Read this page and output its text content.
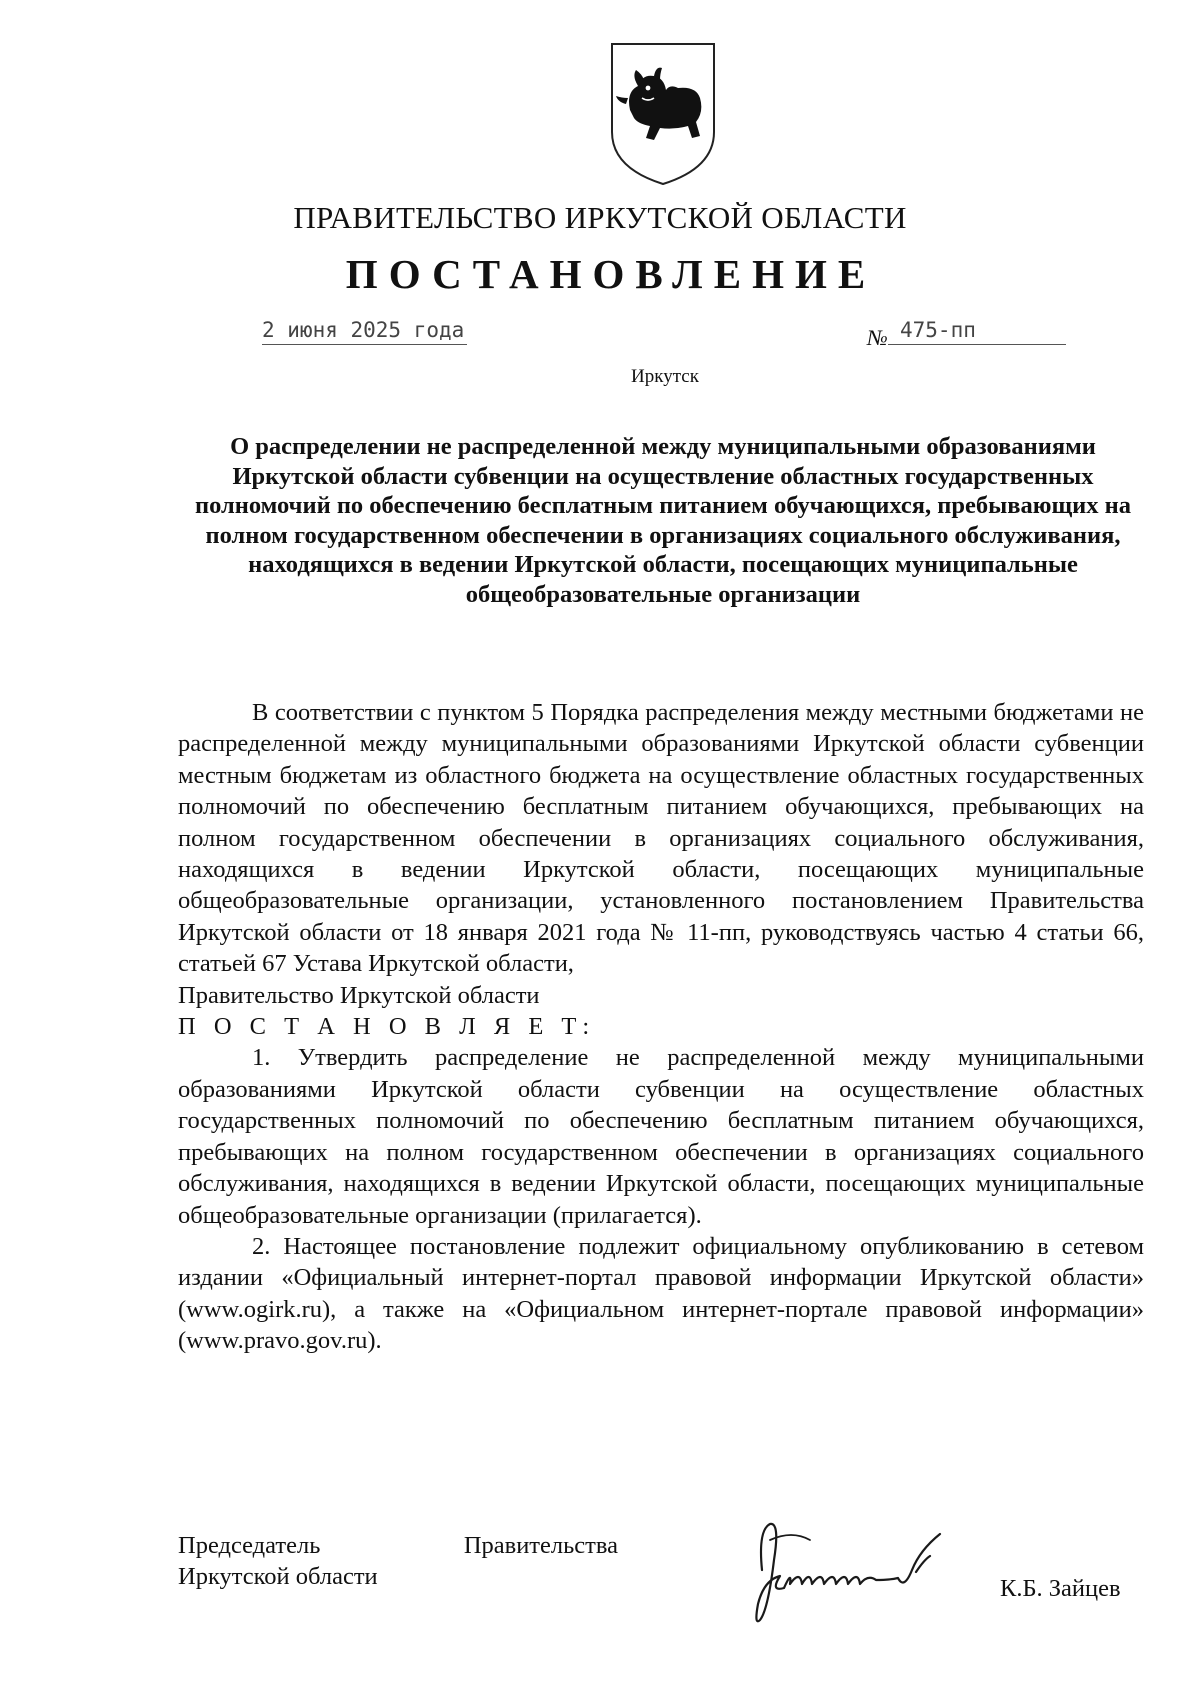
ПРАВИТЕЛЬСТВО ИРКУТСКОЙ ОБЛАСТИ
ПОСТАНОВЛЕНИЕ
2 июня 2025 года	№ 475-пп
Иркутск
О распределении не распределенной между муниципальными образованиями Иркутской области субвенции на осуществление областных государственных полномочий по обеспечению бесплатным питанием обучающихся, пребывающих на полном государственном обеспечении в организациях социального обслуживания, находящихся в ведении Иркутской области, посещающих муниципальные общеобразовательные организации

В соответствии с пунктом 5 Порядка распределения между местными бюджетами не распределенной между муниципальными образованиями Иркутской области субвенции местным бюджетам из областного бюджета на осуществление областных государственных полномочий по обеспечению бесплатным питанием обучающихся, пребывающих на полном государственном обеспечении в организациях социального обслуживания, находящихся в ведении Иркутской области, посещающих муниципальные общеобразовательные организации, установленного постановлением Правительства Иркутской области от 18 января 2021 года № 11-пп, руководствуясь частью 4 статьи 66, статьей 67 Устава Иркутской области,

Правительство Иркутской области

П О С Т А Н О В Л Я Е Т:

1. Утвердить распределение не распределенной между муниципальными образованиями Иркутской области субвенции на осуществление областных государственных полномочий по обеспечению бесплатным питанием обучающихся, пребывающих на полном государственном обеспечении в организациях социального обслуживания, находящихся в ведении Иркутской области, посещающих муниципальные общеобразовательные организации (прилагается).

2. Настоящее постановление подлежит официальному опубликованию в сетевом издании «Официальный интернет-портал правовой информации Иркутской области» (www.ogirk.ru), а также на «Официальном интернет-портале правовой информации» (www.pravo.gov.ru).

Председатель	Правительства
Иркутской области	К.Б. Зайцев
